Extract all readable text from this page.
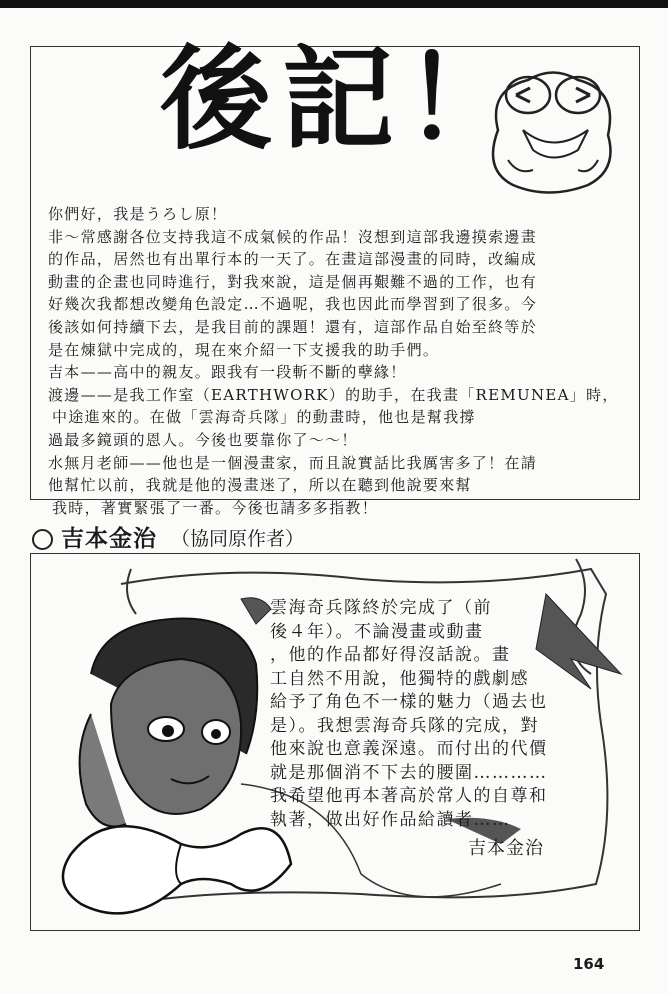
後記！
你們好，我是うろし原！
非～常感謝各位支持我這不成氣候的作品！沒想到這部我邊摸索邊畫
的作品，居然也有出單行本的一天了。在畫這部漫畫的同時，改編成
動畫的企畫也同時進行，對我來說，這是個再艱難不過的工作，也有
好幾次我都想改變角色設定…不過呢，我也因此而學習到了很多。今
後該如何持續下去，是我目前的課題！還有，這部作品自始至終等於
是在煉獄中完成的，現在來介紹一下支援我的助手們。
吉本——高中的親友。跟我有一段斬不斷的孽緣！
渡邊——是我工作室（EARTHWORK）的助手，在我畫「REMUNEA」時，
中途進來的。在做「雲海奇兵隊」的動畫時，他也是幫我撐
過最多鏡頭的恩人。今後也要靠你了～～！
水無月老師——他也是一個漫畫家，而且說實話比我厲害多了！在請
他幫忙以前，我就是他的漫畫迷了，所以在聽到他說要來幫
我時，著實緊張了一番。今後也請多多指教！
吉本金治 （協同原作者）
雲海奇兵隊終於完成了（前
後４年）。不論漫畫或動畫
，他的作品都好得沒話說。畫
工自然不用說，他獨特的戲劇感
給予了角色不一樣的魅力（過去也
是）。我想雲海奇兵隊的完成，對
他來說也意義深遠。而付出的代價
就是那個消不下去的腰圍…………
我希望他再本著高於常人的自尊和
執著，做出好作品給讀者……
吉本金治
164
